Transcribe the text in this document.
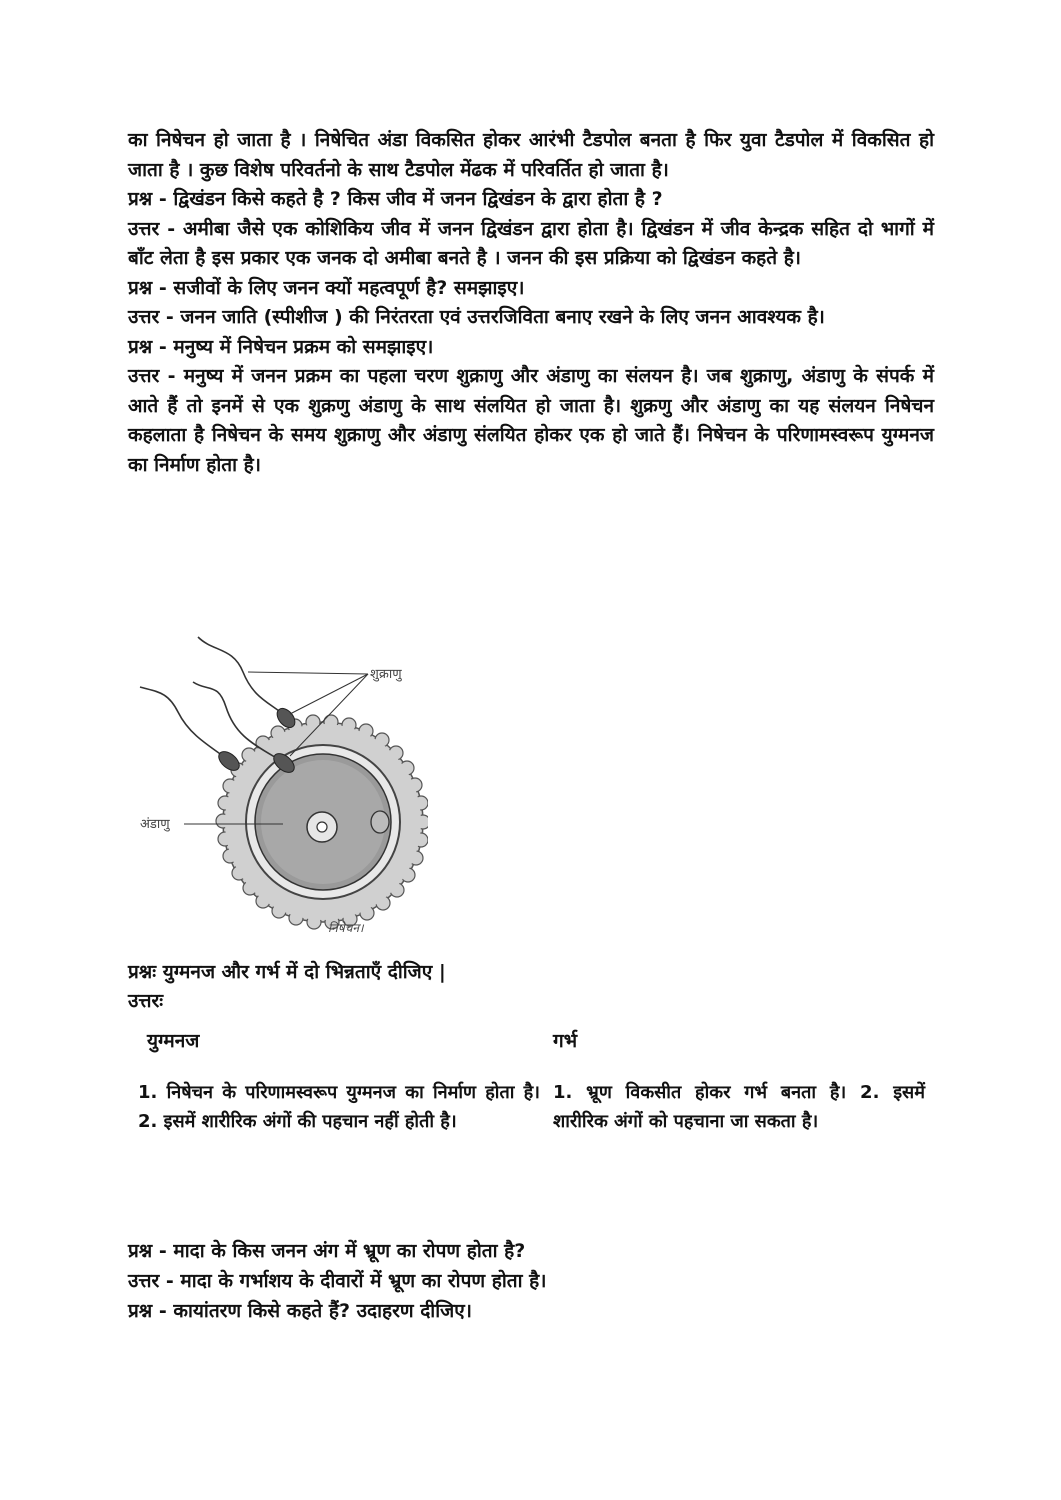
का निषेचन हो जाता है । निषेचित अंडा विकसित होकर आरंभी टैडपोल बनता है फिर युवा टैडपोल में विकसित हो जाता है । कुछ विशेष परिवर्तनो के साथ टैडपोल मेंढक में परिवर्तित हो जाता है।

प्रश्न - द्विखंडन किसे कहते है ? किस जीव में जनन द्विखंडन के द्वारा होता है ?

उत्तर - अमीबा जैसे एक कोशिकिय जीव में जनन द्विखंडन द्वारा होता है। द्विखंडन में जीव केन्द्रक सहित दो भागों में बाँट लेता है इस प्रकार एक जनक दो अमीबा बनते है । जनन की इस प्रक्रिया को द्विखंडन कहते है।

प्रश्न - सजीवों के लिए जनन क्यों महत्वपूर्ण है? समझाइए।

उत्तर - जनन जाति (स्पीशीज ) की निरंतरता एवं उत्तरजिविता बनाए रखने के लिए जनन आवश्यक है।

प्रश्न - मनुष्य में निषेचन प्रक्रम को समझाइए।

उत्तर - मनुष्य में जनन प्रक्रम का पहला चरण शुक्राणु और अंडाणु का संलयन है। जब शुक्राणु, अंडाणु के संपर्क में आते हैं तो इनमें से एक शुक्रणु अंडाणु के साथ संलयित हो जाता है। शुक्रणु और अंडाणु का यह संलयन निषेचन कहलाता है निषेचन के समय शुक्राणु और अंडाणु संलयित होकर एक हो जाते हैं। निषेचन के परिणामस्वरूप युग्मनज का निर्माण होता है।

शुक्राणु
अंडाणु
निषेचन।
प्रश्नः युग्मनज और गर्भ में दो भिन्नताएँ दीजिए |
उत्तरः
युग्मनज	गर्भ
1. निषेचन के परिणामस्वरूप युग्मनज का निर्माण होता है। 2. इसमें शारीरिक अंगों की पहचान नहीं होती है।
1. भ्रूण विकसीत होकर गर्भ बनता है। 2. इसमें शारीरिक अंगों को पहचाना जा सकता है।
प्रश्न - मादा के किस जनन अंग में भ्रूण का रोपण होता है?
उत्तर - मादा के गर्भाशय के दीवारों में भ्रूण का रोपण होता है।
प्रश्न - कायांतरण किसे कहते हैं? उदाहरण दीजिए।
